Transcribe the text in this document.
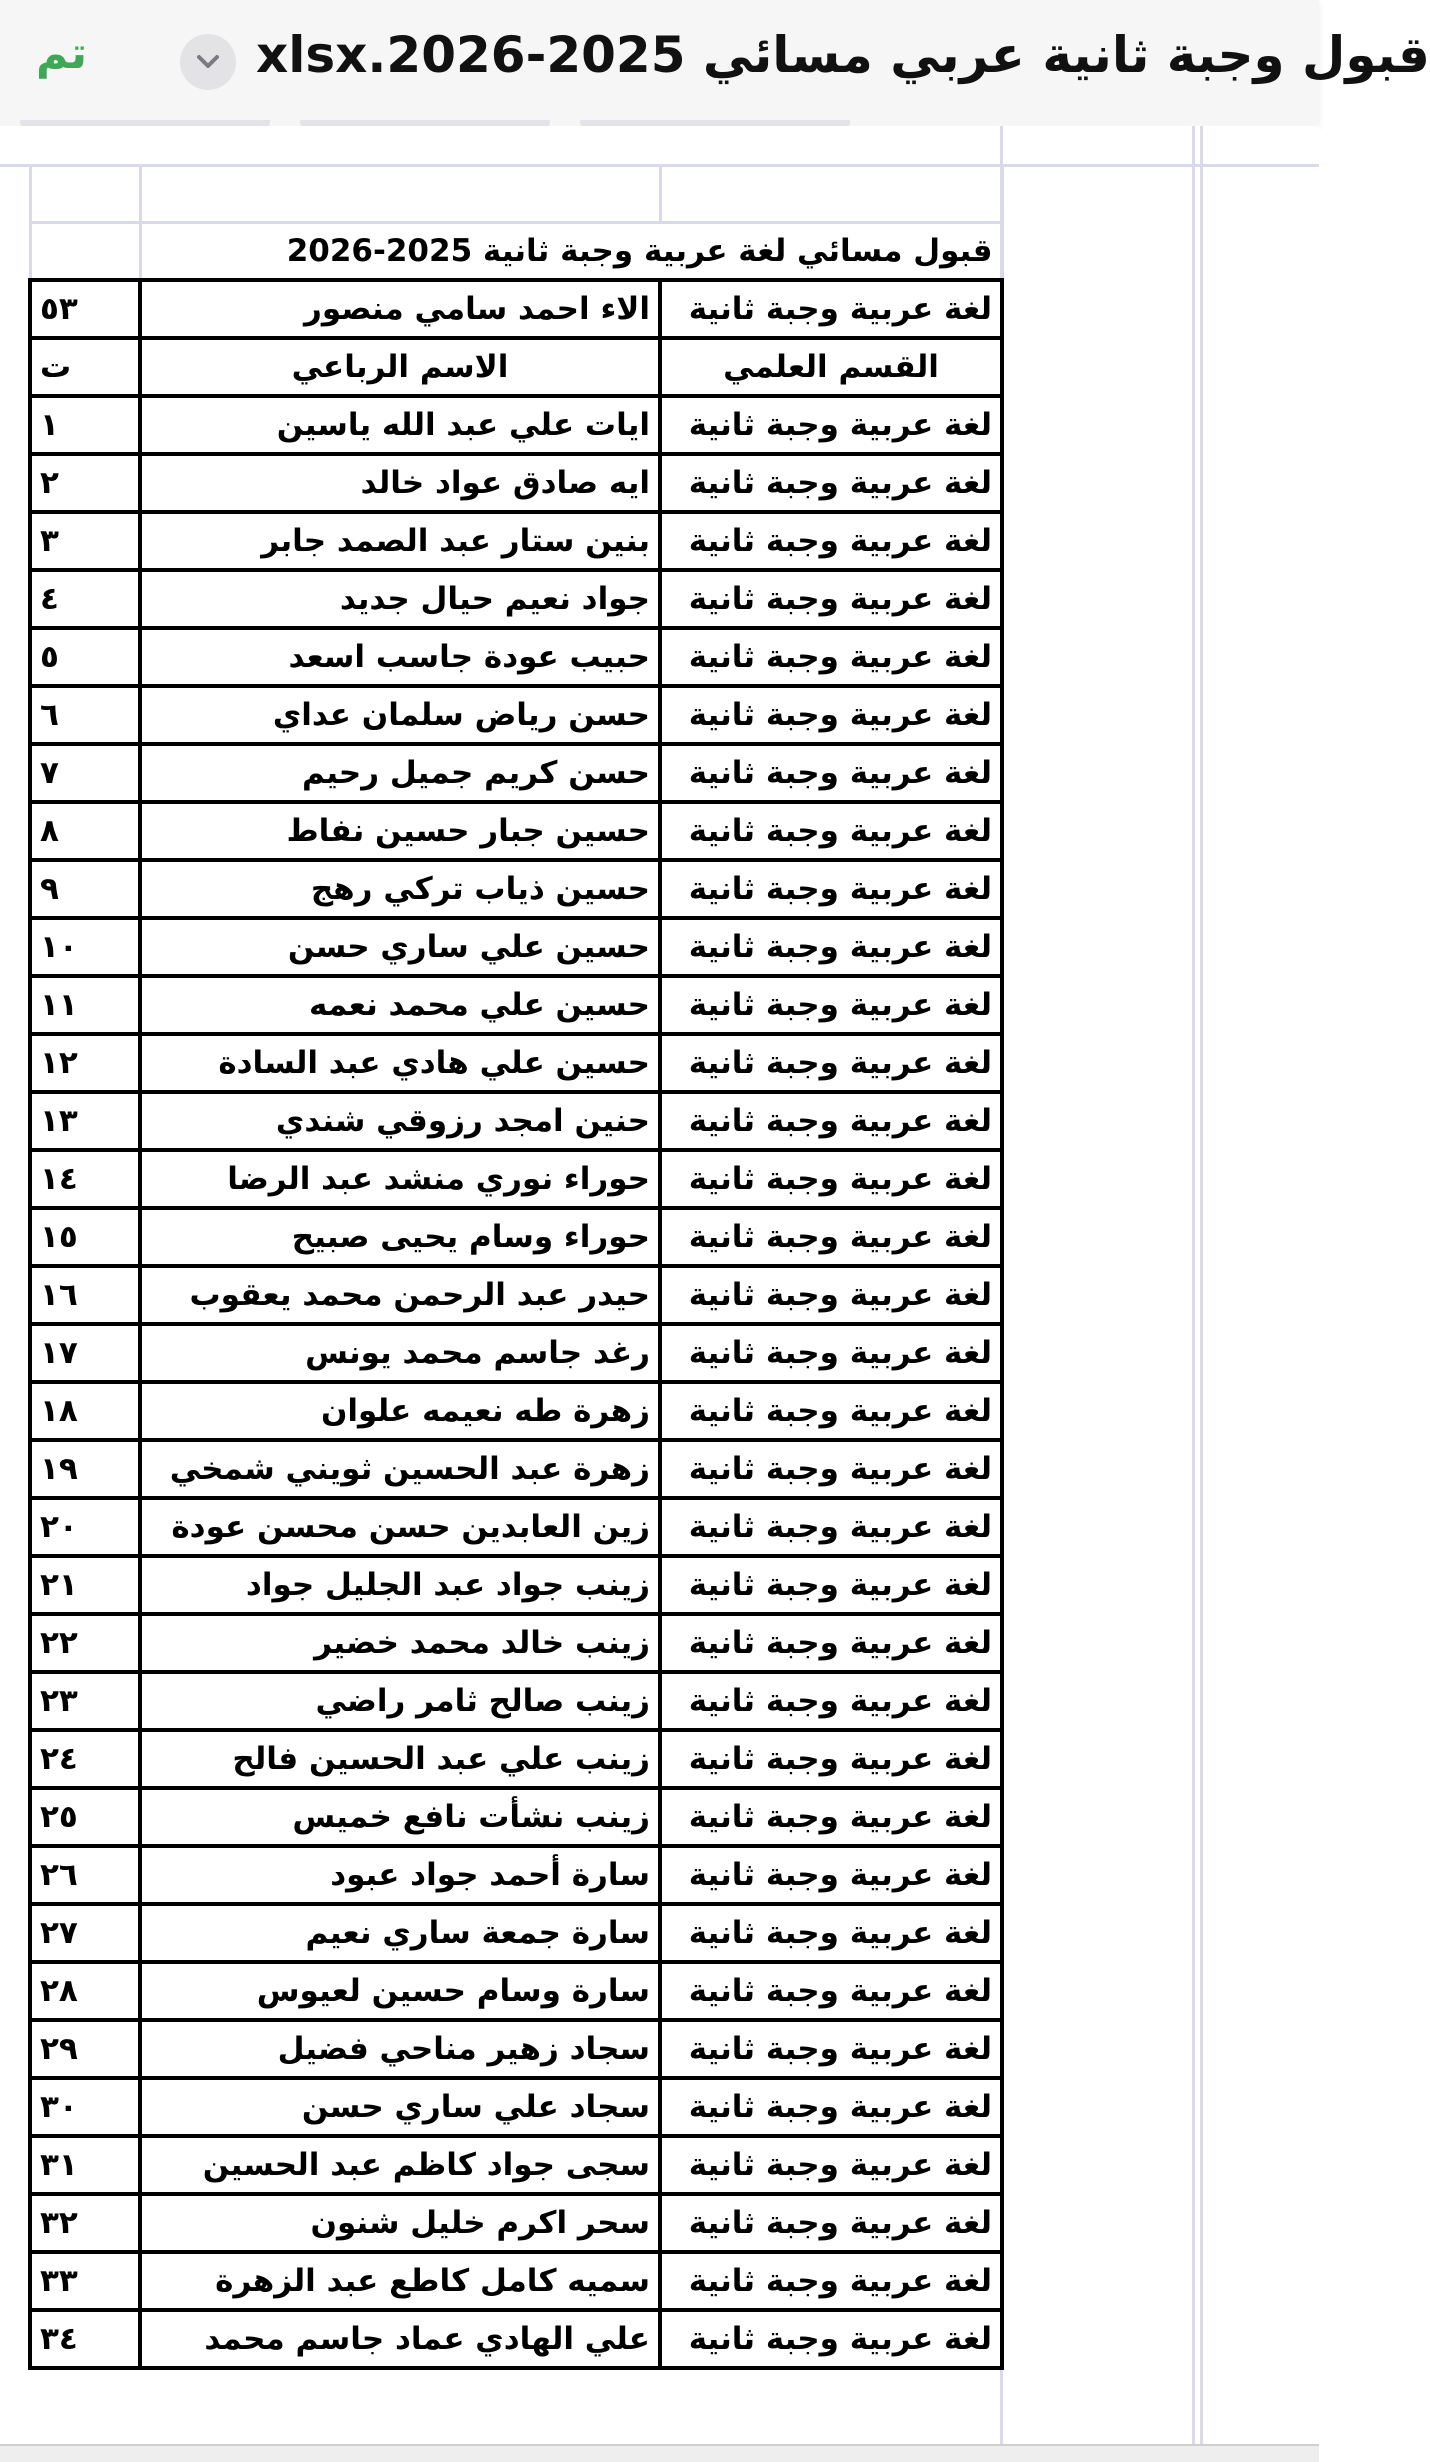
تم	قبول وجبة ثانية عربي مسائي 2025-2026.xlsx

	قبول مسائي لغة عربية وجبة ثانية 2025-2026	
٥٣	الاء احمد سامي منصور	لغة عربية وجبة ثانية
ت	الاسم الرباعي	القسم العلمي
١	ايات علي عبد الله ياسين	لغة عربية وجبة ثانية
٢	ايه صادق عواد خالد	لغة عربية وجبة ثانية
٣	بنين ستار عبد الصمد جابر	لغة عربية وجبة ثانية
٤	جواد نعيم حيال جديد	لغة عربية وجبة ثانية
٥	حبيب عودة جاسب اسعد	لغة عربية وجبة ثانية
٦	حسن رياض سلمان عداي	لغة عربية وجبة ثانية
٧	حسن كريم جميل رحيم	لغة عربية وجبة ثانية
٨	حسين جبار حسين نفاط	لغة عربية وجبة ثانية
٩	حسين ذياب تركي رهج	لغة عربية وجبة ثانية
١٠	حسين علي ساري حسن	لغة عربية وجبة ثانية
١١	حسين علي محمد نعمه	لغة عربية وجبة ثانية
١٢	حسين علي هادي عبد السادة	لغة عربية وجبة ثانية
١٣	حنين امجد رزوقي شندي	لغة عربية وجبة ثانية
١٤	حوراء نوري منشد عبد الرضا	لغة عربية وجبة ثانية
١٥	حوراء وسام يحيى صبيح	لغة عربية وجبة ثانية
١٦	حيدر عبد الرحمن محمد يعقوب	لغة عربية وجبة ثانية
١٧	رغد جاسم محمد يونس	لغة عربية وجبة ثانية
١٨	زهرة طه نعيمه علوان	لغة عربية وجبة ثانية
١٩	زهرة عبد الحسين ثويني شمخي	لغة عربية وجبة ثانية
٢٠	زين العابدين حسن محسن عودة	لغة عربية وجبة ثانية
٢١	زينب جواد عبد الجليل جواد	لغة عربية وجبة ثانية
٢٢	زينب خالد محمد خضير	لغة عربية وجبة ثانية
٢٣	زينب صالح ثامر راضي	لغة عربية وجبة ثانية
٢٤	زينب علي عبد الحسين فالح	لغة عربية وجبة ثانية
٢٥	زينب نشأت نافع خميس	لغة عربية وجبة ثانية
٢٦	سارة أحمد جواد عبود	لغة عربية وجبة ثانية
٢٧	سارة جمعة ساري نعيم	لغة عربية وجبة ثانية
٢٨	سارة وسام حسين لعيوس	لغة عربية وجبة ثانية
٢٩	سجاد زهير مناحي فضيل	لغة عربية وجبة ثانية
٣٠	سجاد علي ساري حسن	لغة عربية وجبة ثانية
٣١	سجى جواد كاظم عبد الحسين	لغة عربية وجبة ثانية
٣٢	سحر اكرم خليل شنون	لغة عربية وجبة ثانية
٣٣	سميه كامل كاطع عبد الزهرة	لغة عربية وجبة ثانية
٣٤	علي الهادي عماد جاسم محمد	لغة عربية وجبة ثانية
